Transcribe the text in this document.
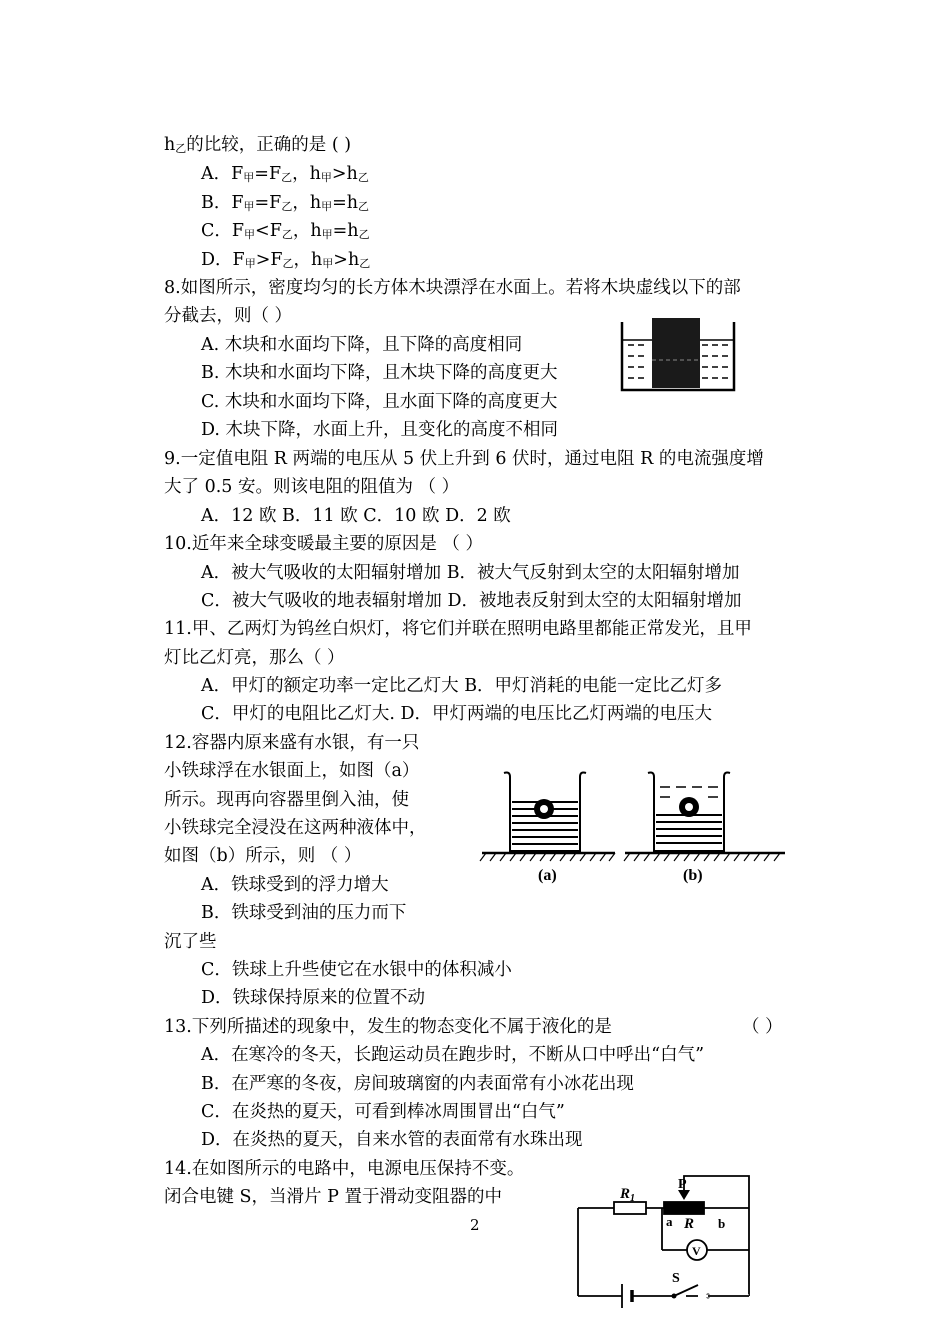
$h_乙$的比较，正确的是 ( )
A．$F_甲=F_乙$，$h_甲>h_乙$
B．$F_甲=F_乙$，$h_甲=h_乙$
C．$F_甲<F_乙$，$h_甲=h_乙$
D．$F_甲>F_乙$，$h_甲>h_乙$
8.如图所示，密度均匀的长方体木块漂浮在水面上。若将木块虚线以下的部
分截去，则（ ）
A. 木块和水面均下降，且下降的高度相同
B. 木块和水面均下降，且木块下降的高度更大
C. 木块和水面均下降，且水面下降的高度更大
D. 木块下降，水面上升，且变化的高度不相同
9.一定值电阻 R 两端的电压从 5 伏上升到 6 伏时，通过电阻 R 的电流强度增
大了 0.5 安。则该电阻的阻值为 （ ）
A．12 欧 B．11 欧 C．10 欧 D．2 欧
10.近年来全球变暖最主要的原因是 （ ）
A．被大气吸收的太阳辐射增加 B．被大气反射到太空的太阳辐射增加
C．被大气吸收的地表辐射增加 D．被地表反射到太空的太阳辐射增加
11.甲、乙两灯为钨丝白炽灯，将它们并联在照明电路里都能正常发光，且甲
灯比乙灯亮，那么（ ）
A．甲灯的额定功率一定比乙灯大 B．甲灯消耗的电能一定比乙灯多
C．甲灯的电阻比乙灯大. D．甲灯两端的电压比乙灯两端的电压大
12.容器内原来盛有水银，有一只
小铁球浮在水银面上，如图（a）
所示。现再向容器里倒入油，使
小铁球完全浸没在这两种液体中，
如图（b）所示，则 （ ）
A．铁球受到的浮力增大
B．铁球受到油的压力而下
沉了些
C．铁球上升些使它在水银中的体积减小
D．铁球保持原来的位置不动
(a)	(b)
13.下列所描述的现象中，发生的物态变化不属于液化的是	（ ）
A．在寒冷的冬天，长跑运动员在跑步时，不断从口中呼出“白气”
B．在严寒的冬夜，房间玻璃窗的内表面常有小冰花出现
C．在炎热的夏天，可看到棒冰周围冒出“白气”
D．在炎热的夏天，自来水管的表面常有水珠出现
14.在如图所示的电路中，电源电压保持不变。
闭合电键 S，当滑片 P 置于滑动变阻器的中	$R_1$
P
a R b
V
S
2
